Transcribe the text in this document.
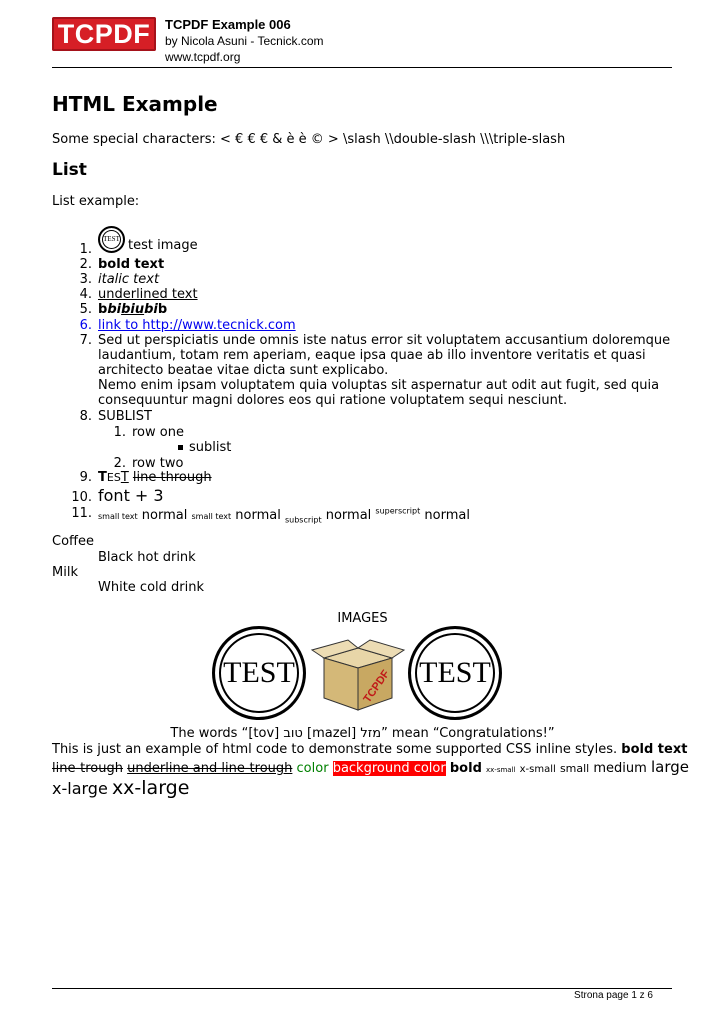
TCPDF	TCPDF Example 006
by Nicola Asuni - Tecnick.com
www.tcpdf.org
HTML Example
Some special characters: < € € € & è è © > \slash \\double-slash \\\triple-slash
List
List example:
1.
TEST test image
2. bold text
3. italic text
4. underlined text
5. bbibiubib
6. link to http://www.tecnick.com
7. Sed ut perspiciatis unde omnis iste natus error sit voluptatem accusantium doloremque
laudantium, totam rem aperiam, eaque ipsa quae ab illo inventore veritatis et quasi
architecto beatae vitae dicta sunt explicabo.
Nemo enim ipsam voluptatem quia voluptas sit aspernatur aut odit aut fugit, sed quia
consequuntur magni dolores eos qui ratione voluptatem sequi nesciunt.
8. SUBLIST
1. row one
sublist
2. row two
9. TEST line through
10. font + 3
11. small text normal small text normal $_{subscript}$ normal $^{superscript}$ normal
Coffee
Black hot drink
Milk
White cold drink
IMAGES
TEST	TCPDF TEST
The words “[tov] טוב [mazel] מזל” mean “Congratulations!”
This is just an example of html code to demonstrate some supported CSS inline styles. bold text
line-trough underline and line-trough color background color bold xx-small x-small small medium large
x-large xx-large
Strona page 1 z 6
